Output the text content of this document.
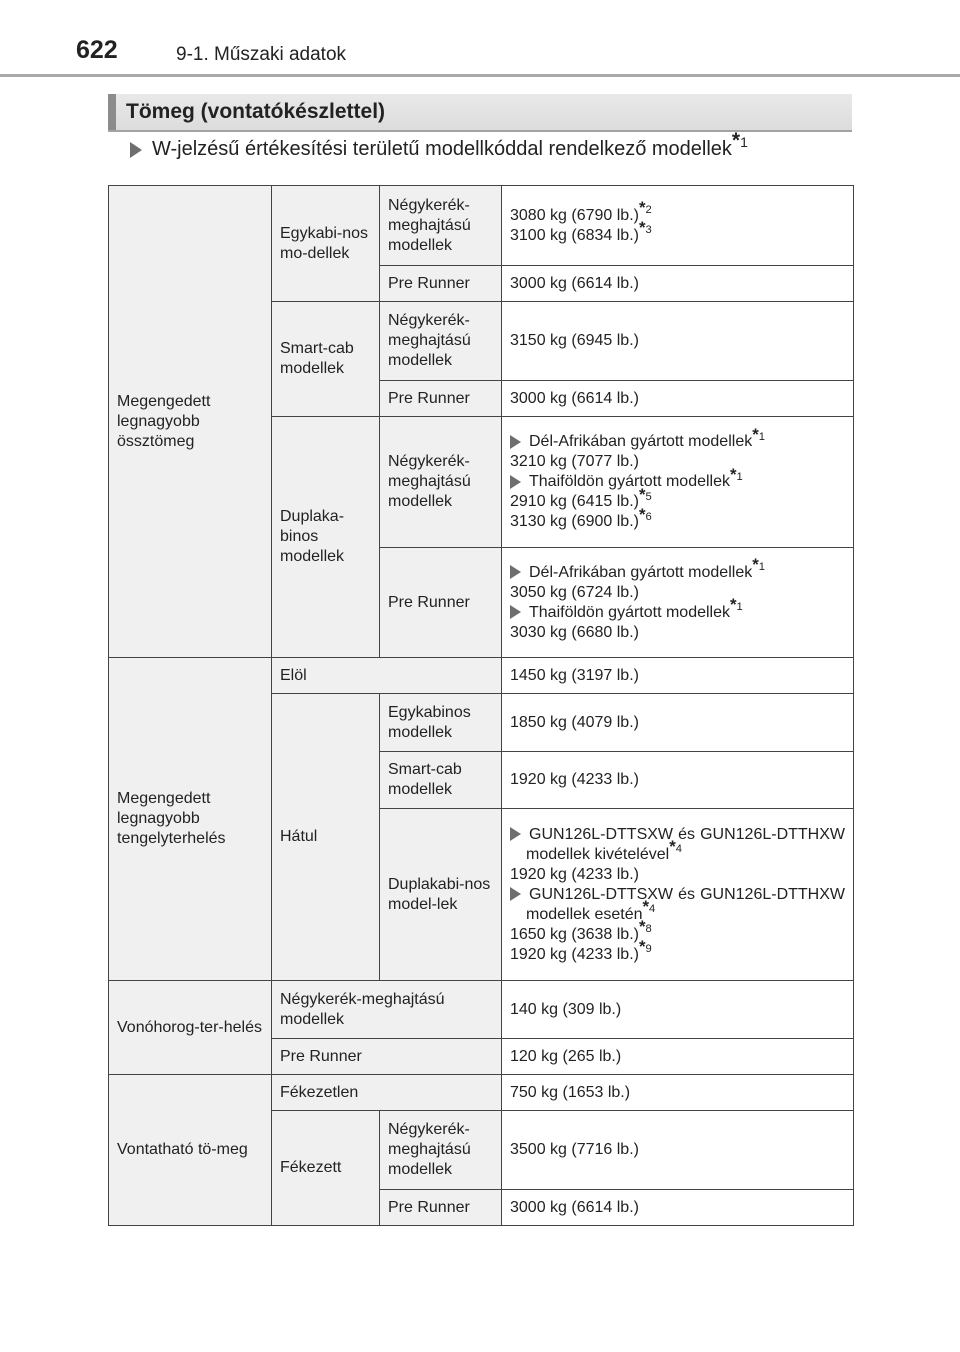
622	9-1. Műszaki adatok
Tömeg (vontatókészlettel)
W-jelzésű értékesítési területű modellkóddal rendelkező modellek$^{*1}$
Megengedett legnagyobb össztömeg	Egykabi-nos mo-dellek	Négykerék-meghajtású modellek	3080 kg (6790 lb.)$^{*2}$
3100 kg (6834 lb.)$^{*3}$

		Pre Runner	3000 kg (6614 lb.)
	Smart-cab modellek	Négykerék-meghajtású modellek	3150 kg (6945 lb.)
		Pre Runner	3000 kg (6614 lb.)
	Duplaka-binos modellek	Négykerék-meghajtású modellek	Dél-Afrikában gyártott modellek$^{*1}$
3210 kg (7077 lb.)
Thaiföldön gyártott modellek$^{*1}$
2910 kg (6415 lb.)$^{*5}$
3130 kg (6900 lb.)$^{*6}$

		Pre Runner	Dél-Afrikában gyártott modellek$^{*1}$
3050 kg (6724 lb.)
Thaiföldön gyártott modellek$^{*1}$
3030 kg (6680 lb.)

Megengedett legnagyobb tengelyterhelés	Elöl		1450 kg (3197 lb.)
	Hátul	Egykabinos modellek	1850 kg (4079 lb.)
		Smart-cab modellek	1920 kg (4233 lb.)
		Duplakabi-nos model-lek	GUN126L-DTTSXW és GUN126L-DTTHXW modellek kivételével$^{*4}$
1920 kg (4233 lb.)
GUN126L-DTTSXW és GUN126L-DTTHXW modellek esetén$^{*4}$
1650 kg (3638 lb.)$^{*8}$
1920 kg (4233 lb.)$^{*9}$

Vonóhorog-ter-helés	Négykerék-meghajtású modellek		140 kg (309 lb.)
	Pre Runner		120 kg (265 lb.)
Vontatható tö-meg	Fékezetlen		750 kg (1653 lb.)
	Fékezett	Négykerék-meghajtású modellek	3500 kg (7716 lb.)
		Pre Runner	3000 kg (6614 lb.)
